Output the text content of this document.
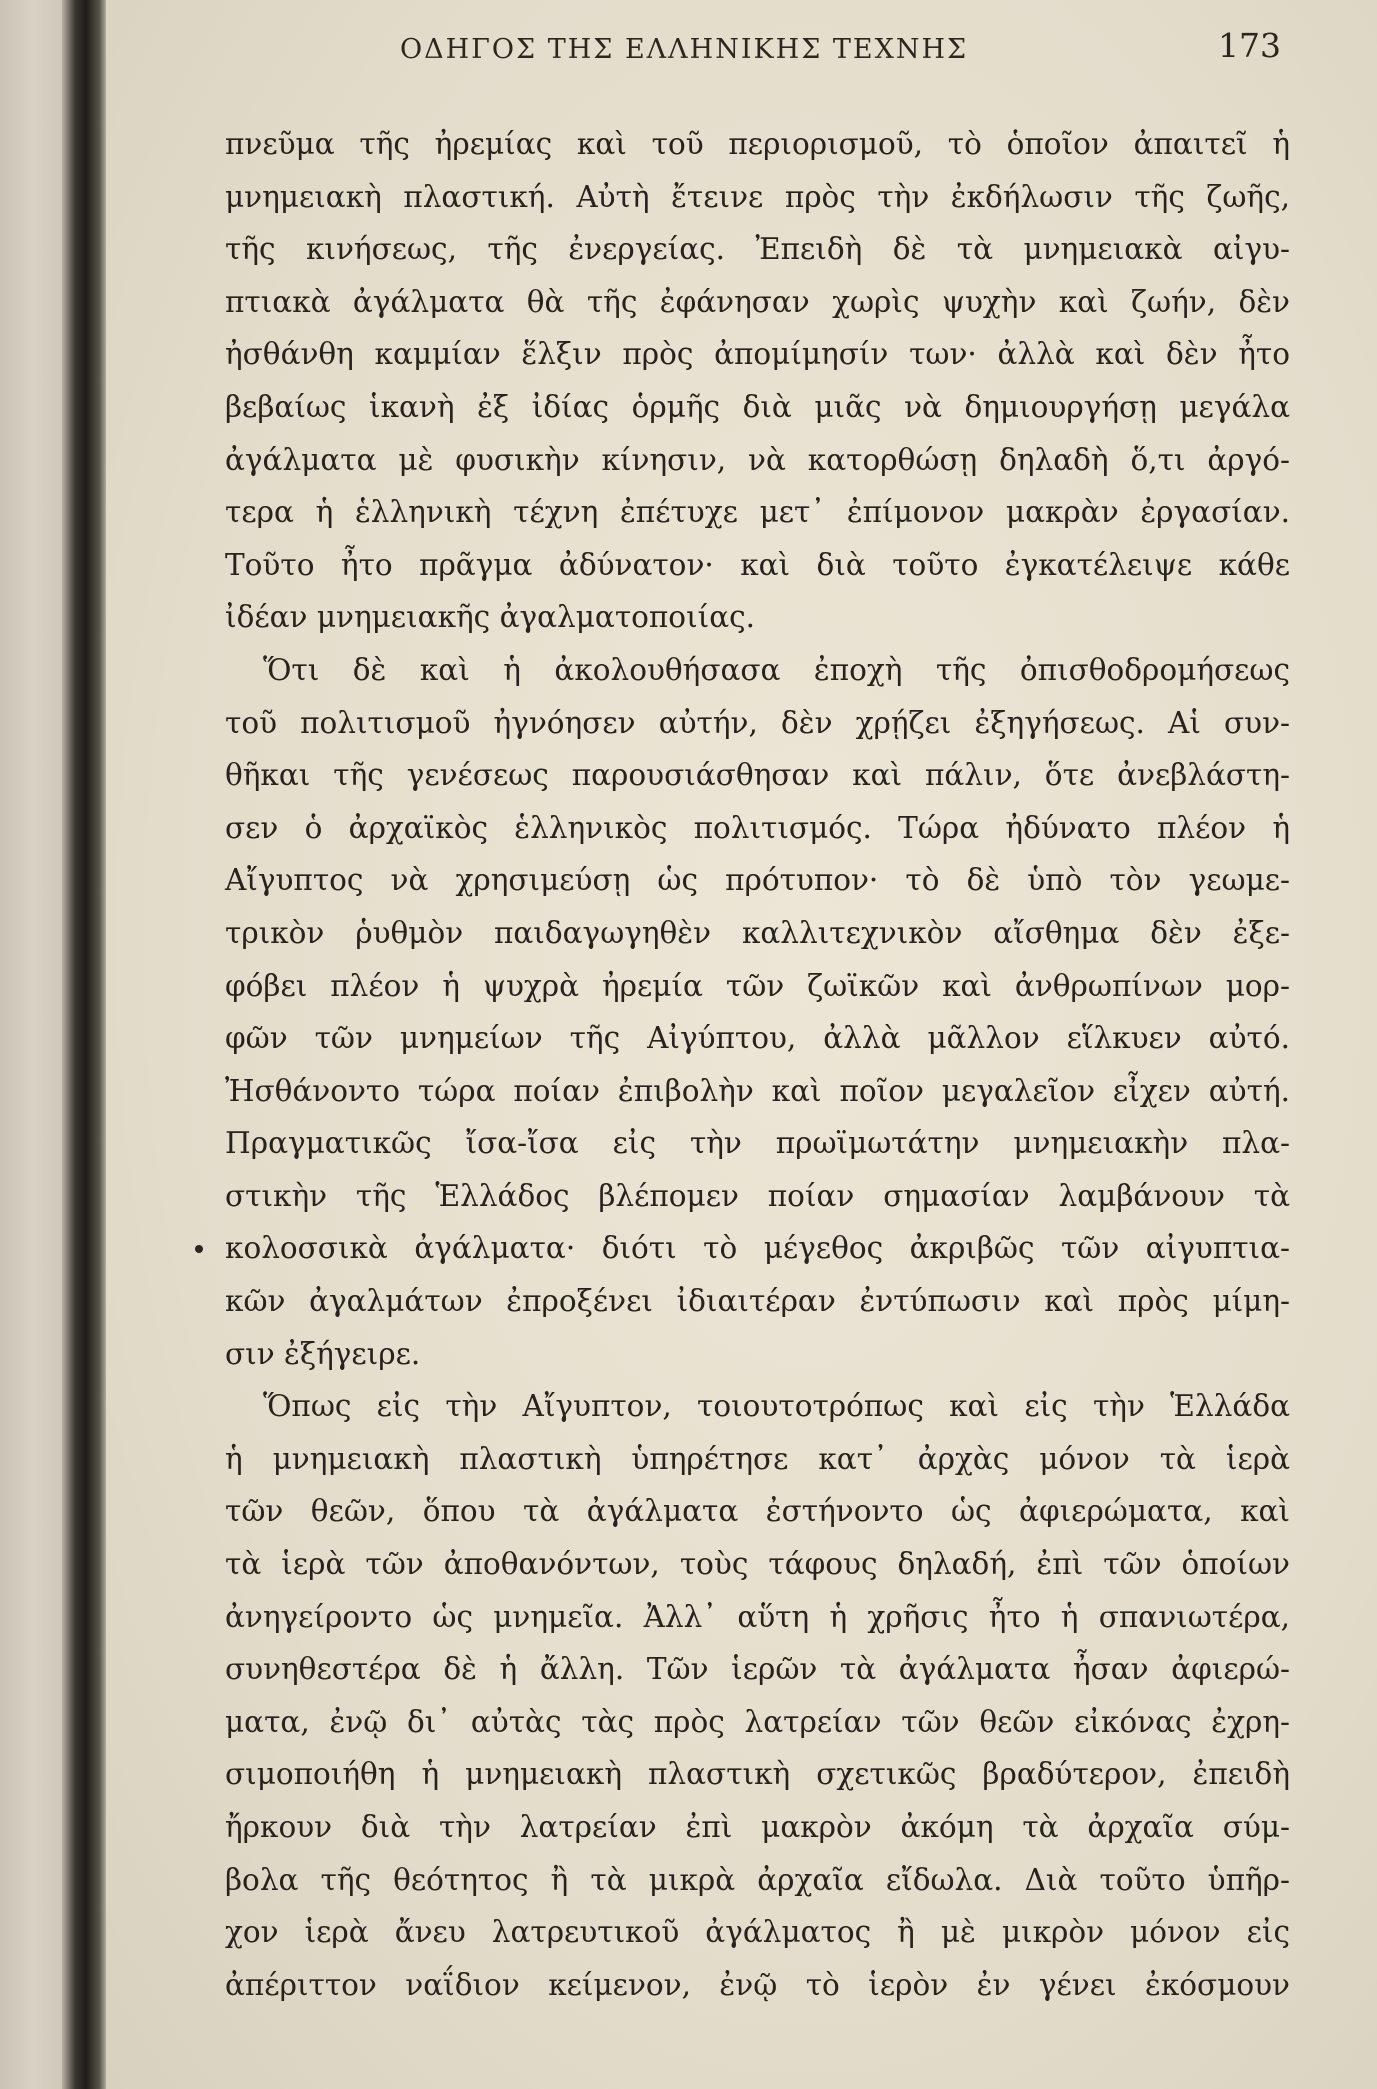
ΟΔΗΓΟΣ ΤΗΣ ΕΛΛΗΝΙΚΗΣ ΤΕΧΝΗΣ	173
πνεῦμα τῆς ἠρεμίας καὶ τοῦ περιορισμοῦ, τὸ ὁποῖον ἀπαιτεῖ ἡ
μνημειακὴ πλαστική. Αὐτὴ ἔτεινε πρὸς τὴν ἐκδήλωσιν τῆς ζωῆς,
τῆς κινήσεως, τῆς ἐνεργείας. Ἐπειδὴ δὲ τὰ μνημειακὰ αἰγυ-
πτιακὰ ἀγάλματα θὰ τῆς ἐφάνησαν χωρὶς ψυχὴν καὶ ζωήν, δὲν
ἠσθάνθη καμμίαν ἕλξιν πρὸς ἀπομίμησίν των· ἀλλὰ καὶ δὲν ἦτο
βεβαίως ἱκανὴ ἐξ ἰδίας ὁρμῆς διὰ μιᾶς νὰ δημιουργήσῃ μεγάλα
ἀγάλματα μὲ φυσικὴν κίνησιν, νὰ κατορθώσῃ δηλαδὴ ὅ,τι ἀργό-
τερα ἡ ἑλληνικὴ τέχνη ἐπέτυχε μετ᾽ ἐπίμονον μακρὰν ἐργασίαν.
Τοῦτο ἦτο πρᾶγμα ἀδύνατον· καὶ διὰ τοῦτο ἐγκατέλειψε κάθε
ἰδέαν μνημειακῆς ἀγαλματοποιίας.
Ὅτι δὲ καὶ ἡ ἀκολουθήσασα ἐποχὴ τῆς ὀπισθοδρομήσεως
τοῦ πολιτισμοῦ ἠγνόησεν αὐτήν, δὲν χρῄζει ἐξηγήσεως. Αἱ συν-
θῆκαι τῆς γενέσεως παρουσιάσθησαν καὶ πάλιν, ὅτε ἀνεβλάστη-
σεν ὁ ἀρχαϊκὸς ἑλληνικὸς πολιτισμός. Τώρα ἠδύνατο πλέον ἡ
Αἴγυπτος νὰ χρησιμεύσῃ ὡς πρότυπον· τὸ δὲ ὑπὸ τὸν γεωμε-
τρικὸν ῥυθμὸν παιδαγωγηθὲν καλλιτεχνικὸν αἴσθημα δὲν ἐξε-
φόβει πλέον ἡ ψυχρὰ ἠρεμία τῶν ζωϊκῶν καὶ ἀνθρωπίνων μορ-
φῶν τῶν μνημείων τῆς Αἰγύπτου, ἀλλὰ μᾶλλον εἵλκυεν αὐτό.
Ἠσθάνοντο τώρα ποίαν ἐπιβολὴν καὶ ποῖον μεγαλεῖον εἶχεν αὐτή.
Πραγματικῶς ἴσα-ἴσα εἰς τὴν πρωϊμωτάτην μνημειακὴν πλα-
στικὴν τῆς Ἑλλάδος βλέπομεν ποίαν σημασίαν λαμβάνουν τὰ
κολοσσικὰ ἀγάλματα· διότι τὸ μέγεθος ἀκριβῶς τῶν αἰγυπτια-
κῶν ἀγαλμάτων ἐπροξένει ἰδιαιτέραν ἐντύπωσιν καὶ πρὸς μίμη-
σιν ἐξήγειρε.
Ὅπως εἰς τὴν Αἴγυπτον, τοιουτοτρόπως καὶ εἰς τὴν Ἑλλάδα
ἡ μνημειακὴ πλαστικὴ ὑπηρέτησε κατ᾽ ἀρχὰς μόνον τὰ ἱερὰ
τῶν θεῶν, ὅπου τὰ ἀγάλματα ἐστήνοντο ὡς ἀφιερώματα, καὶ
τὰ ἱερὰ τῶν ἀποθανόντων, τοὺς τάφους δηλαδή, ἐπὶ τῶν ὁποίων
ἀνηγείροντο ὡς μνημεῖα. Ἀλλ᾽ αὕτη ἡ χρῆσις ἦτο ἡ σπανιωτέρα,
συνηθεστέρα δὲ ἡ ἄλλη. Τῶν ἱερῶν τὰ ἀγάλματα ἦσαν ἀφιερώ-
ματα, ἐνῷ δι᾽ αὐτὰς τὰς πρὸς λατρείαν τῶν θεῶν εἰκόνας ἐχρη-
σιμοποιήθη ἡ μνημειακὴ πλαστικὴ σχετικῶς βραδύτερον, ἐπειδὴ
ἤρκουν διὰ τὴν λατρείαν ἐπὶ μακρὸν ἀκόμη τὰ ἀρχαῖα σύμ-
βολα τῆς θεότητος ἢ τὰ μικρὰ ἀρχαῖα εἴδωλα. Διὰ τοῦτο ὑπῆρ-
χον ἱερὰ ἄνευ λατρευτικοῦ ἀγάλματος ἢ μὲ μικρὸν μόνον εἰς
ἀπέριττον ναΐδιον κείμενον, ἐνῷ τὸ ἱερὸν ἐν γένει ἐκόσμουν
